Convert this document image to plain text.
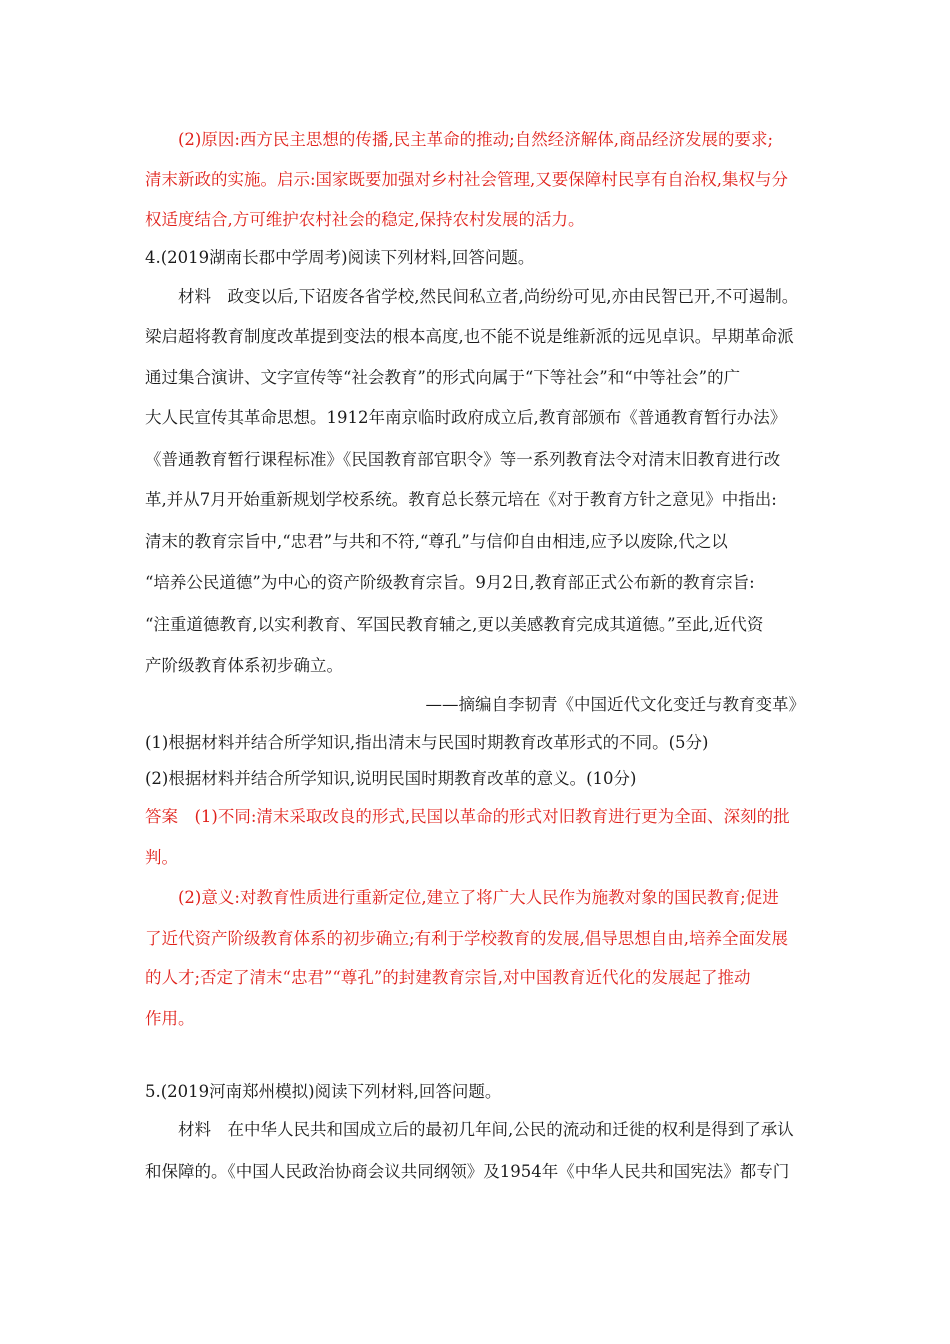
　　(2)原因:西方民主思想的传播,民主革命的推动;自然经济解体,商品经济发展的要求;
清末新政的实施。启示:国家既要加强对乡村社会管理,又要保障村民享有自治权,集权与分
权适度结合,方可维护农村社会的稳定,保持农村发展的活力。
4.(2019湖南长郡中学周考)阅读下列材料,回答问题。
　　材料　政变以后,下诏废各省学校,然民间私立者,尚纷纷可见,亦由民智已开,不可遏制。
梁启超将教育制度改革提到变法的根本高度,也不能不说是维新派的远见卓识。早期革命派
通过集合演讲、文字宣传等“社会教育”的形式向属于“下等社会”和“中等社会”的广
大人民宣传其革命思想。1912年南京临时政府成立后,教育部颁布《普通教育暂行办法》
《普通教育暂行课程标准》《民国教育部官职令》等一系列教育法令对清末旧教育进行改
革,并从7月开始重新规划学校系统。教育总长蔡元培在《对于教育方针之意见》中指出:
清末的教育宗旨中,“忠君”与共和不符,“尊孔”与信仰自由相违,应予以废除,代之以
“培养公民道德”为中心的资产阶级教育宗旨。9月2日,教育部正式公布新的教育宗旨:
“注重道德教育,以实利教育、军国民教育辅之,更以美感教育完成其道德。”至此,近代资
产阶级教育体系初步确立。
——摘编自李韧青《中国近代文化变迁与教育变革》
(1)根据材料并结合所学知识,指出清末与民国时期教育改革形式的不同。(5分)
(2)根据材料并结合所学知识,说明民国时期教育改革的意义。(10分)
答案　(1)不同:清末采取改良的形式,民国以革命的形式对旧教育进行更为全面、深刻的批
判。
　　(2)意义:对教育性质进行重新定位,建立了将广大人民作为施教对象的国民教育;促进
了近代资产阶级教育体系的初步确立;有利于学校教育的发展,倡导思想自由,培养全面发展
的人才;否定了清末“忠君”“尊孔”的封建教育宗旨,对中国教育近代化的发展起了推动
作用。
5.(2019河南郑州模拟)阅读下列材料,回答问题。
　　材料　在中华人民共和国成立后的最初几年间,公民的流动和迁徙的权利是得到了承认
和保障的。《中国人民政治协商会议共同纲领》及1954年《中华人民共和国宪法》都专门
